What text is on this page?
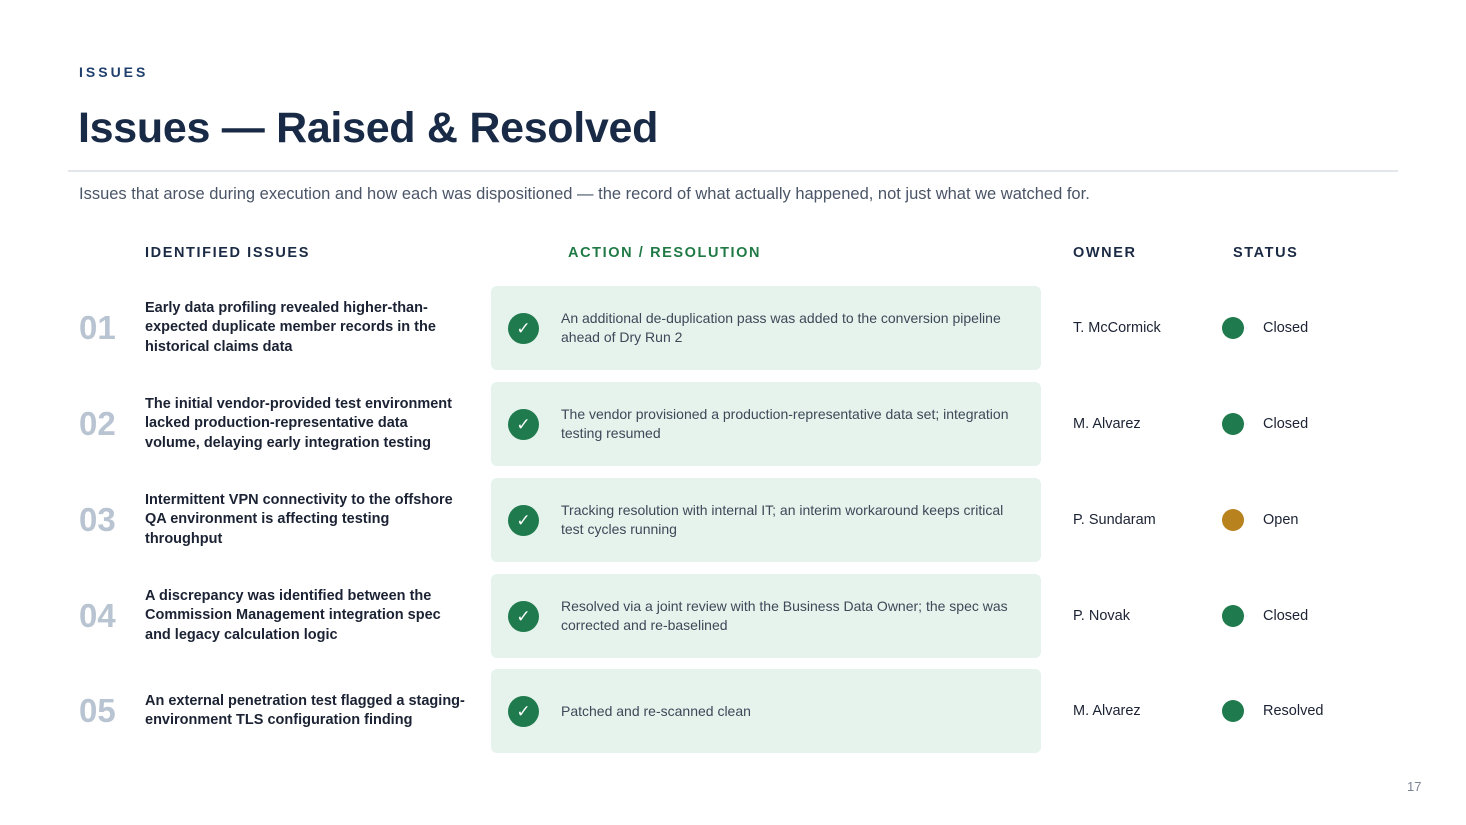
ISSUES
Issues — Raised & Resolved
Issues that arose during execution and how each was dispositioned — the record of what actually happened, not just what we watched for.
IDENTIFIED ISSUES	ACTION / RESOLUTION	OWNER	STATUS
01
Early data profiling revealed higher-than-expected duplicate member records in the historical claims data
✓
An additional de-duplication pass was added to the conversion pipeline ahead of Dry Run 2
T. McCormick	Closed
02
The initial vendor-provided test environment lacked production-representative data volume, delaying early integration testing
✓
The vendor provisioned a production-representative data set; integration testing resumed
M. Alvarez	Closed
03
Intermittent VPN connectivity to the offshore QA environment is affecting testing throughput
✓
Tracking resolution with internal IT; an interim workaround keeps critical test cycles running
P. Sundaram	Open
04
A discrepancy was identified between the Commission Management integration spec and legacy calculation logic
✓
Resolved via a joint review with the Business Data Owner; the spec was corrected and re-baselined
P. Novak	Closed
05 An external penetration test flagged a staging-environment TLS configuration finding	✓	Patched and re-scanned clean	M. Alvarez	Resolved
17
